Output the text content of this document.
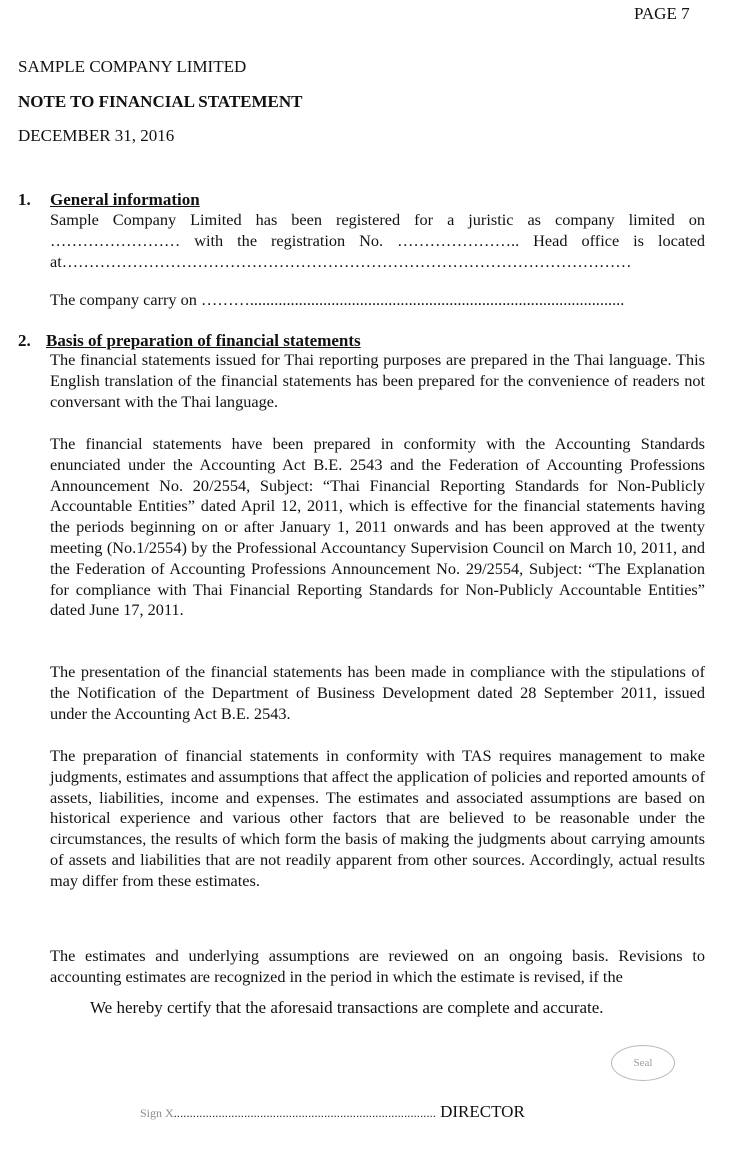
PAGE 7
SAMPLE COMPANY LIMITED
NOTE TO FINANCIAL STATEMENT
DECEMBER 31, 2016
1. General information

Sample Company Limited has been registered for a juristic as company limited on …………………… with the registration No. ………………….. Head office is located at……………………………………………………………………………………………

The company carry on ………............................................................................................

2. Basis of preparation of financial statements

The financial statements issued for Thai reporting purposes are prepared in the Thai language. This English translation of the financial statements has been prepared for the convenience of readers not conversant with the Thai language.

The financial statements have been prepared in conformity with the Accounting Standards enunciated under the Accounting Act B.E. 2543 and the Federation of Accounting Professions Announcement No. 20/2554, Subject: “Thai Financial Reporting Standards for Non-Publicly Accountable Entities” dated April 12, 2011, which is effective for the financial statements having the periods beginning on or after January 1, 2011 onwards and has been approved at the twenty meeting (No.1/2554) by the Professional Accountancy Supervision Council on March 10, 2011, and the Federation of Accounting Professions Announcement No. 29/2554, Subject: “The Explanation for compliance with Thai Financial Reporting Standards for Non-Publicly Accountable Entities” dated June 17, 2011.

The presentation of the financial statements has been made in compliance with the stipulations of the Notification of the Department of Business Development dated 28 September 2011, issued under the Accounting Act B.E. 2543.

The preparation of financial statements in conformity with TAS requires management to make judgments, estimates and assumptions that affect the application of policies and reported amounts of assets, liabilities, income and expenses. The estimates and associated assumptions are based on historical experience and various other factors that are believed to be reasonable under the circumstances, the results of which form the basis of making the judgments about carrying amounts of assets and liabilities that are not readily apparent from other sources. Accordingly, actual results may differ from these estimates.

The estimates and underlying assumptions are reviewed on an ongoing basis. Revisions to accounting estimates are recognized in the period in which the estimate is revised, if the

We hereby certify that the aforesaid transactions are complete and accurate.
Seal
Sign X.................................................................................. DIRECTOR
